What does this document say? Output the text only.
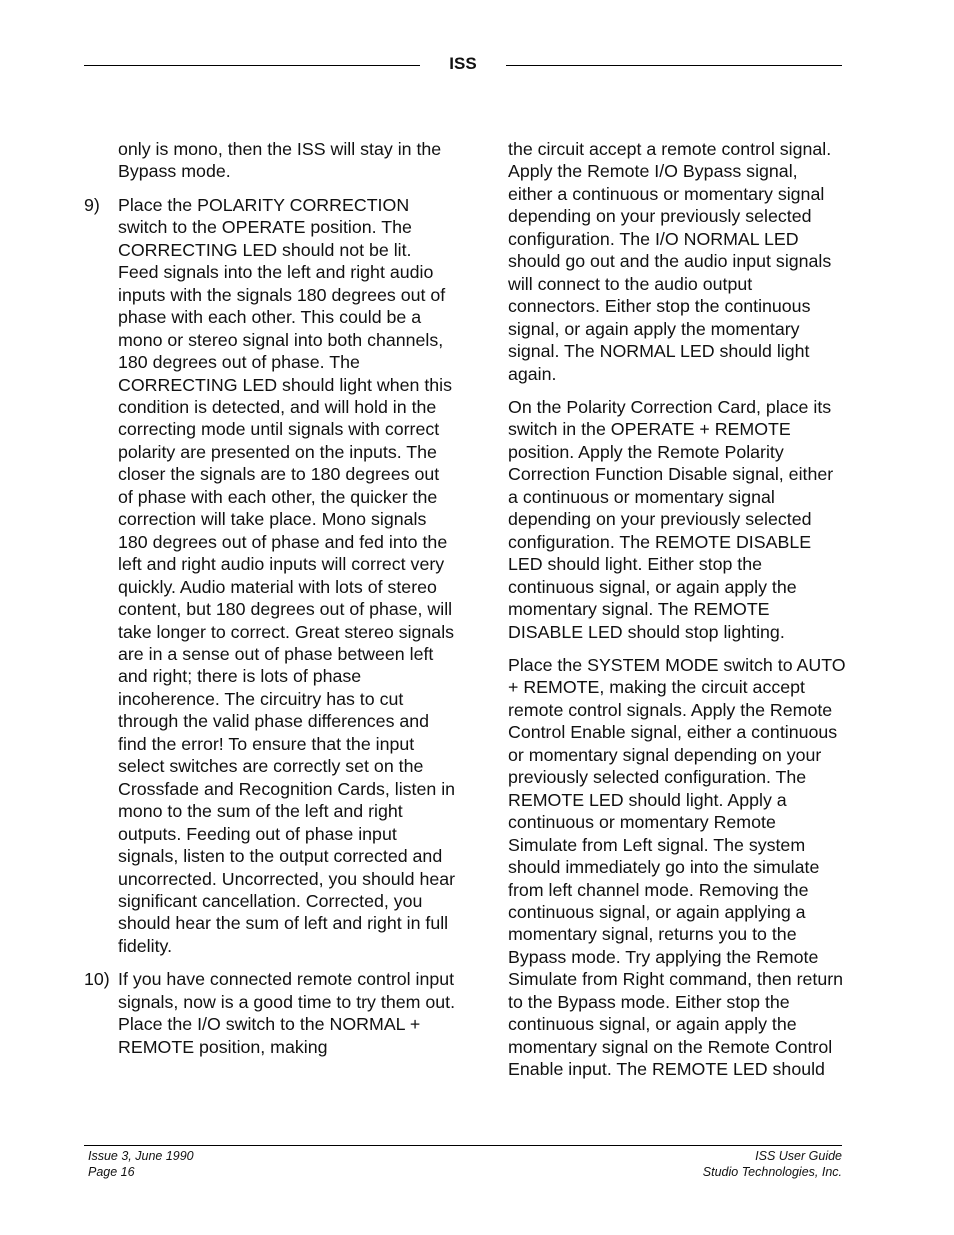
ISS

only is mono, then the ISS will stay in the Bypass mode.

9) Place the POLARITY CORRECTION switch to the OPERATE position. The CORRECTING LED should not be lit. Feed signals into the left and right audio inputs with the signals 180 degrees out of phase with each other. This could be a mono or stereo signal into both channels, 180 degrees out of phase. The CORRECTING LED should light when this condition is detected, and will hold in the correcting mode until signals with correct polarity are presented on the inputs. The closer the signals are to 180 degrees out of phase with each other, the quicker the correction will take place. Mono signals 180 degrees out of phase and fed into the left and right audio inputs will correct very quickly. Audio material with lots of stereo content, but 180 degrees out of phase, will take longer to correct. Great stereo signals are in a sense out of phase between left and right; there is lots of phase incoherence. The circuitry has to cut through the valid phase differences and find the error! To ensure that the input select switches are correctly set on the Crossfade and Recognition Cards, listen in mono to the sum of the left and right outputs. Feeding out of phase input signals, listen to the output corrected and uncorrected. Uncorrected, you should hear significant cancellation. Corrected, you should hear the sum of left and right in full fidelity.

10) If you have connected remote control input signals, now is a good time to try them out. Place the I/O switch to the NORMAL + REMOTE position, making

the circuit accept a remote control signal. Apply the Remote I/O Bypass signal, either a continuous or momentary signal depending on your previously selected configuration. The I/O NORMAL LED should go out and the audio input signals will connect to the audio output connectors. Either stop the continuous signal, or again apply the momentary signal. The NORMAL LED should light again.

On the Polarity Correction Card, place its switch in the OPERATE + REMOTE position. Apply the Remote Polarity Correction Function Disable signal, either a continuous or momentary signal depending on your previously selected configuration. The REMOTE DISABLE LED should light. Either stop the continuous signal, or again apply the momentary signal. The REMOTE DISABLE LED should stop lighting.

Place the SYSTEM MODE switch to AUTO + REMOTE, making the circuit accept remote control signals. Apply the Remote Control Enable signal, either a continuous or momentary signal depending on your previously selected configuration. The REMOTE LED should light. Apply a continuous or momentary Remote Simulate from Left signal. The system should immediately go into the simulate from left channel mode. Removing the continuous signal, or again applying a momentary signal, returns you to the Bypass mode. Try applying the Remote Simulate from Right command, then return to the Bypass mode. Either stop the continuous signal, or again apply the momentary signal on the Remote Control Enable input. The REMOTE LED should

Issue 3, June 1990
Page 16
ISS User Guide
Studio Technologies, Inc.
